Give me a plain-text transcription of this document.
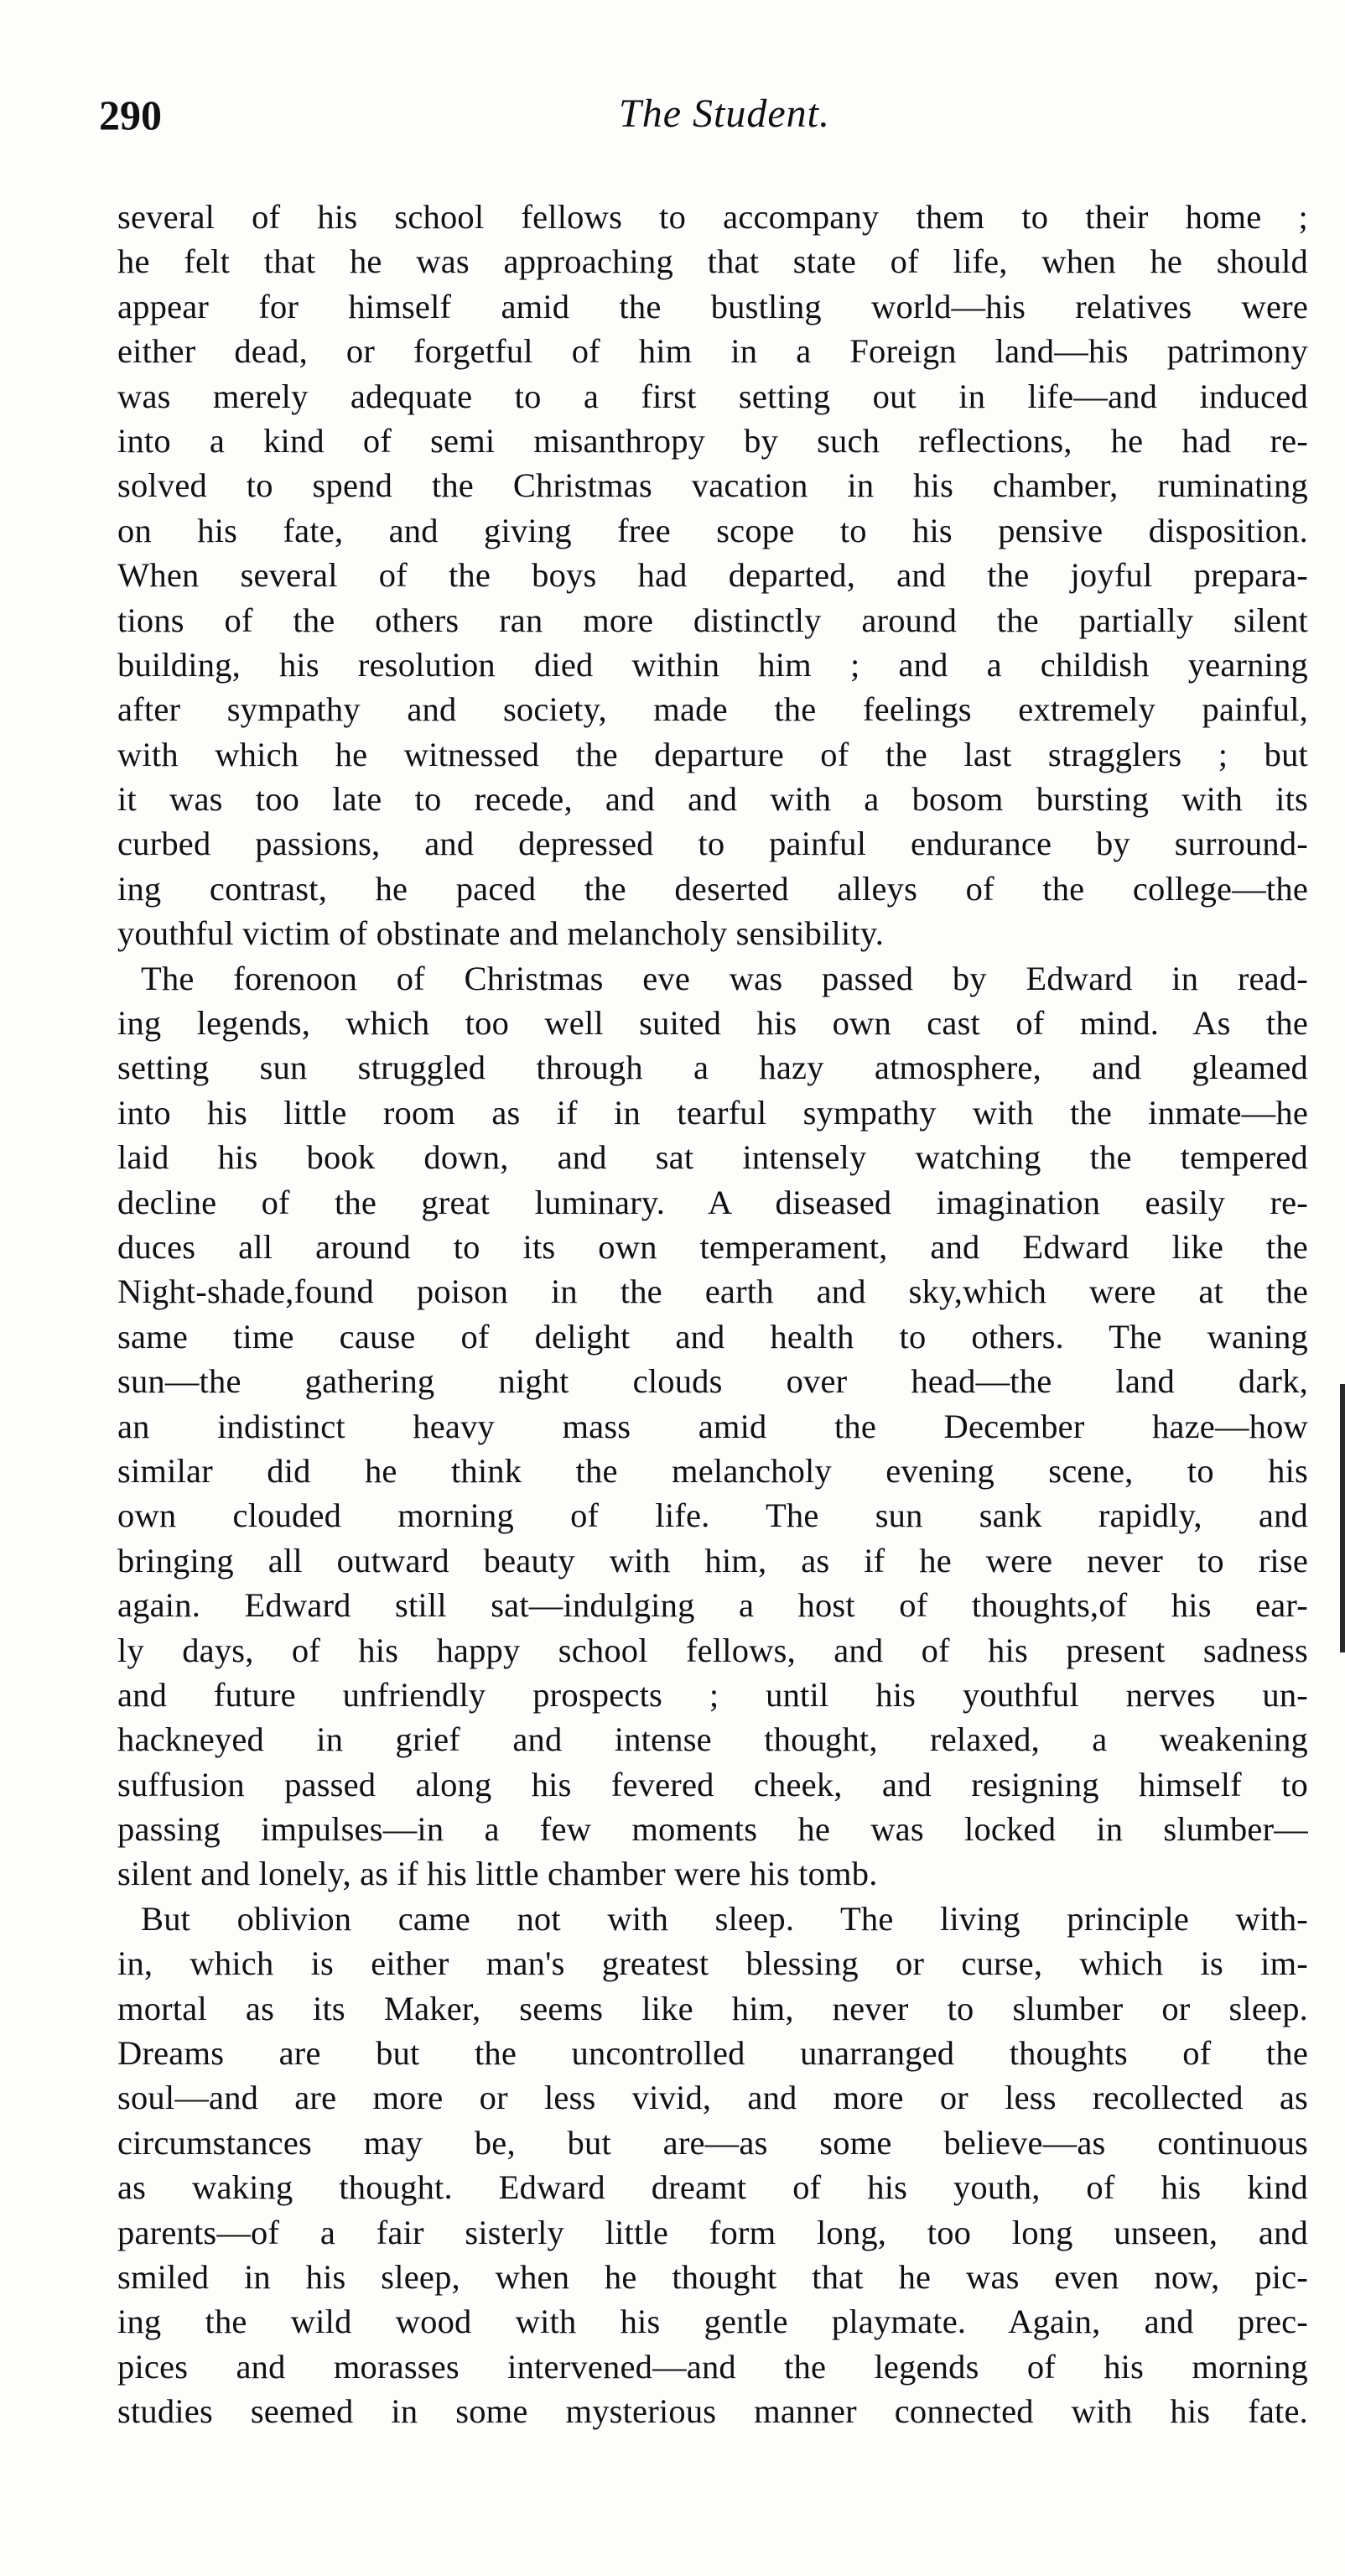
290	The Student.
several of his school fellows to accompany them to their home ;
he felt that he was approaching that state of life, when he should
appear for himself amid the bustling world—his relatives were
either dead, or forgetful of him in a Foreign land—his patrimony
was merely adequate to a first setting out in life—and induced
into a kind of semi misanthropy by such reflections, he had re-
solved to spend the Christmas vacation in his chamber, ruminating
on his fate, and giving free scope to his pensive disposition.
When several of the boys had departed, and the joyful prepara-
tions of the others ran more distinctly around the partially silent
building, his resolution died within him ; and a childish yearning
after sympathy and society, made the feelings extremely painful,
with which he witnessed the departure of the last stragglers ; but
it was too late to recede, and and with a bosom bursting with its
curbed passions, and depressed to painful endurance by surround-
ing contrast, he paced the deserted alleys of the college—the
youthful victim of obstinate and melancholy sensibility.
The forenoon of Christmas eve was passed by Edward in read-
ing legends, which too well suited his own cast of mind. As the
setting sun struggled through a hazy atmosphere, and gleamed
into his little room as if in tearful sympathy with the inmate—he
laid his book down, and sat intensely watching the tempered
decline of the great luminary. A diseased imagination easily re-
duces all around to its own temperament, and Edward like the
Night-shade,found poison in the earth and sky,which were at the
same time cause of delight and health to others. The waning
sun—the gathering night clouds over head—the land dark,
an indistinct heavy mass amid the December haze—how
similar did he think the melancholy evening scene, to his
own clouded morning of life. The sun sank rapidly, and
bringing all outward beauty with him, as if he were never to rise
again. Edward still sat—indulging a host of thoughts,of his ear-
ly days, of his happy school fellows, and of his present sadness
and future unfriendly prospects ; until his youthful nerves un-
hackneyed in grief and intense thought, relaxed, a weakening
suffusion passed along his fevered cheek, and resigning himself to
passing impulses—in a few moments he was locked in slumber—
silent and lonely, as if his little chamber were his tomb.
But oblivion came not with sleep. The living principle with-
in, which is either man's greatest blessing or curse, which is im-
mortal as its Maker, seems like him, never to slumber or sleep.
Dreams are but the uncontrolled unarranged thoughts of the
soul—and are more or less vivid, and more or less recollected as
circumstances may be, but are—as some believe—as continuous
as waking thought. Edward dreamt of his youth, of his kind
parents—of a fair sisterly little form long, too long unseen, and
smiled in his sleep, when he thought that he was even now, pic-
ing the wild wood with his gentle playmate. Again, and prec-
pices and morasses intervened—and the legends of his morning
studies seemed in some mysterious manner connected with his fate.
